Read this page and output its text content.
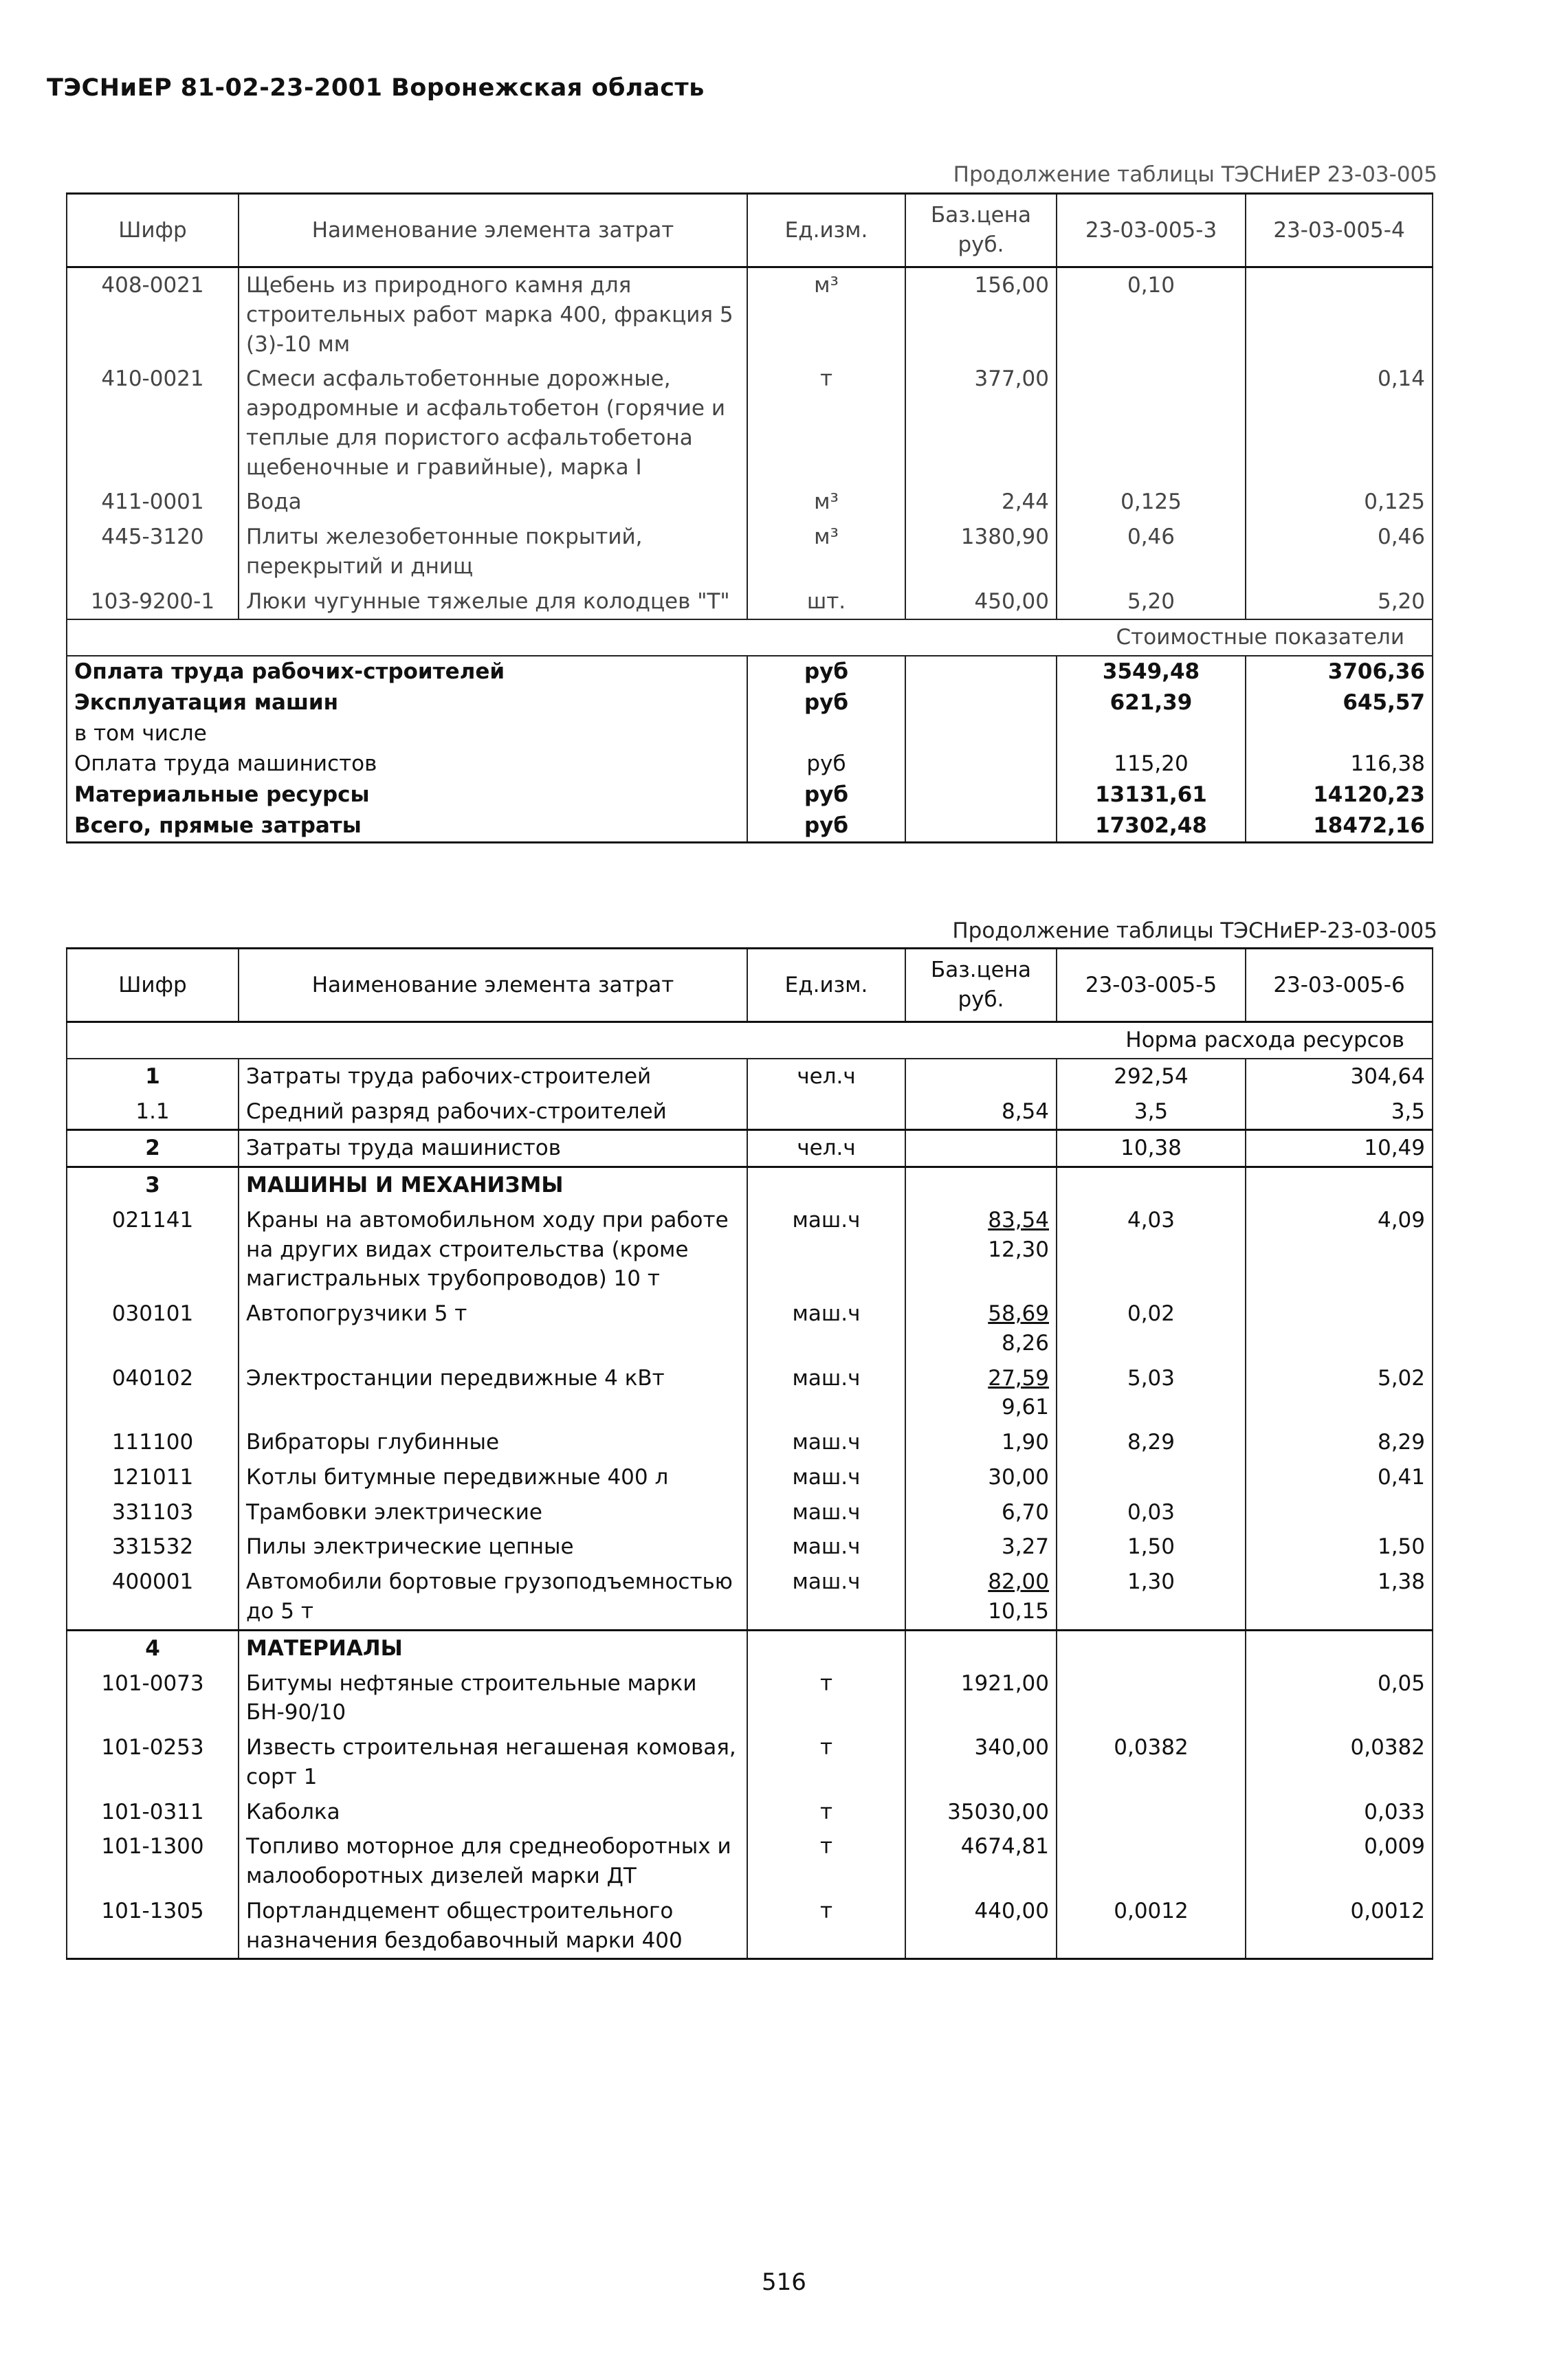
ТЭСНиЕР 81-02-23-2001 Воронежская область
Продолжение таблицы ТЭСНиЕР 23-03-005
Шифр	Наименование элемента затрат	Ед.изм.	Баз.цена руб.	23-03-005-3	23-03-005-4
408-0021	Щебень из природного камня для строительных работ марка 400, фракция 5 (3)-10 мм	м³	156,00	0,10	
410-0021	Смеси асфальтобетонные дорожные, аэродромные и асфальтобетон (горячие и теплые для пористого асфальтобетона щебеночные и гравийные), марка I	т	377,00		0,14
411-0001	Вода	м³	2,44	0,125	0,125
445-3120	Плиты железобетонные покрытий, перекрытий и днищ	м³	1380,90	0,46	0,46
103-9200-1	Люки чугунные тяжелые для колодцев "Т"	шт.	450,00	5,20	5,20
Стоимостные показатели					
Оплата труда рабочих-строителей		руб		3549,48	3706,36
Эксплуатация машин		руб		621,39	645,57
в том числе					
Оплата труда машинистов		руб		115,20	116,38
Материальные ресурсы		руб		13131,61	14120,23
Всего, прямые затраты		руб		17302,48	18472,16
Продолжение таблицы ТЭСНиЕР-23-03-005
Шифр	Наименование элемента затрат	Ед.изм.	Баз.цена руб.	23-03-005-5	23-03-005-6
Норма расхода ресурсов					
1	Затраты труда рабочих-строителей	чел.ч		292,54	304,64
1.1	Средний разряд рабочих-строителей		8,54	3,5	3,5
2	Затраты труда машинистов	чел.ч		10,38	10,49
3	МАШИНЫ И МЕХАНИЗМЫ				
021141	Краны на автомобильном ходу при работе на других видах строительства (кроме магистральных трубопроводов) 10 т	маш.ч	$\frac{83,54}{12,30}$	4,03	4,09
030101	Автопогрузчики 5 т	маш.ч	$\frac{58,69}{8,26}$	0,02	
040102	Электростанции передвижные 4 кВт	маш.ч	$\frac{27,59}{9,61}$	5,03	5,02
111100	Вибраторы глубинные	маш.ч	1,90	8,29	8,29
121011	Котлы битумные передвижные 400 л	маш.ч	30,00		0,41
331103	Трамбовки электрические	маш.ч	6,70	0,03	
331532	Пилы электрические цепные	маш.ч	3,27	1,50	1,50
400001	Автомобили бортовые грузоподъемностью до 5 т	маш.ч	$\frac{82,00}{10,15}$	1,30	1,38
4	МАТЕРИАЛЫ				
101-0073	Битумы нефтяные строительные марки БН-90/10	т	1921,00		0,05
101-0253	Известь строительная негашеная комовая, сорт 1	т	340,00	0,0382	0,0382
101-0311	Каболка	т	35030,00		0,033
101-1300	Топливо моторное для среднеоборотных и малооборотных дизелей марки ДТ	т	4674,81		0,009
101-1305	Портландцемент общестроительного назначения бездобавочный марки 400	т	440,00	0,0012	0,0012
516
